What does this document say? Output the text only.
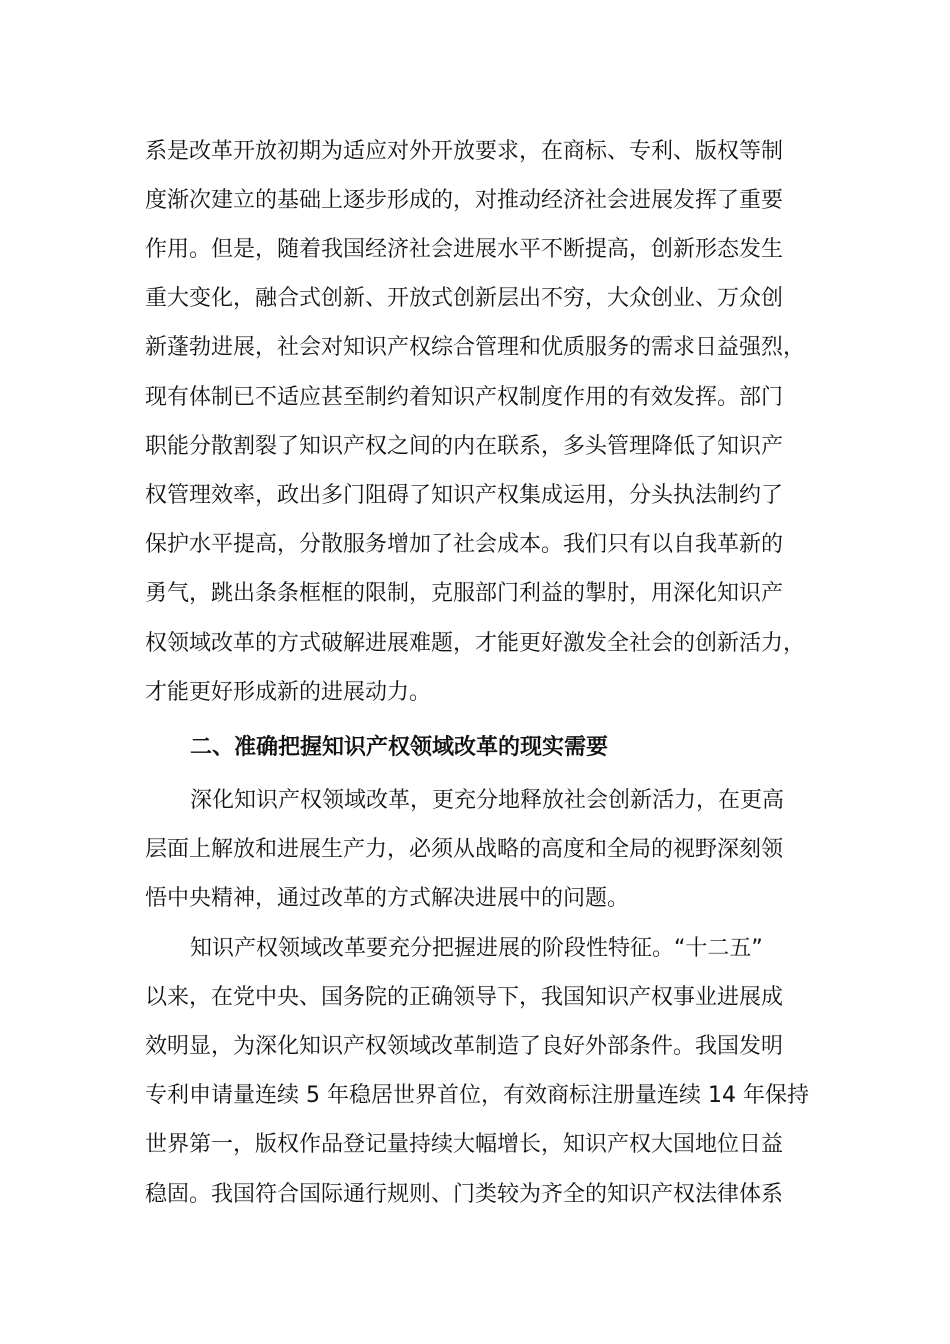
系是改革开放初期为适应对外开放要求，在商标、专利、版权等制
度渐次建立的基础上逐步形成的，对推动经济社会进展发挥了重要
作用。但是，随着我国经济社会进展水平不断提高，创新形态发生
重大变化，融合式创新、开放式创新层出不穷，大众创业、万众创
新蓬勃进展，社会对知识产权综合管理和优质服务的需求日益强烈，
现有体制已不适应甚至制约着知识产权制度作用的有效发挥。部门
职能分散割裂了知识产权之间的内在联系，多头管理降低了知识产
权管理效率，政出多门阻碍了知识产权集成运用，分头执法制约了
保护水平提高，分散服务增加了社会成本。我们只有以自我革新的
勇气，跳出条条框框的限制，克服部门利益的掣肘，用深化知识产
权领域改革的方式破解进展难题，才能更好激发全社会的创新活力，
才能更好形成新的进展动力。
二、准确把握知识产权领域改革的现实需要
深化知识产权领域改革，更充分地释放社会创新活力，在更高
层面上解放和进展生产力，必须从战略的高度和全局的视野深刻领
悟中央精神，通过改革的方式解决进展中的问题。
知识产权领域改革要充分把握进展的阶段性特征。“十二五”
以来，在党中央、国务院的正确领导下，我国知识产权事业进展成
效明显，为深化知识产权领域改革制造了良好外部条件。我国发明
专利申请量连续 5 年稳居世界首位，有效商标注册量连续 14 年保持
世界第一，版权作品登记量持续大幅增长，知识产权大国地位日益
稳固。我国符合国际通行规则、门类较为齐全的知识产权法律体系
